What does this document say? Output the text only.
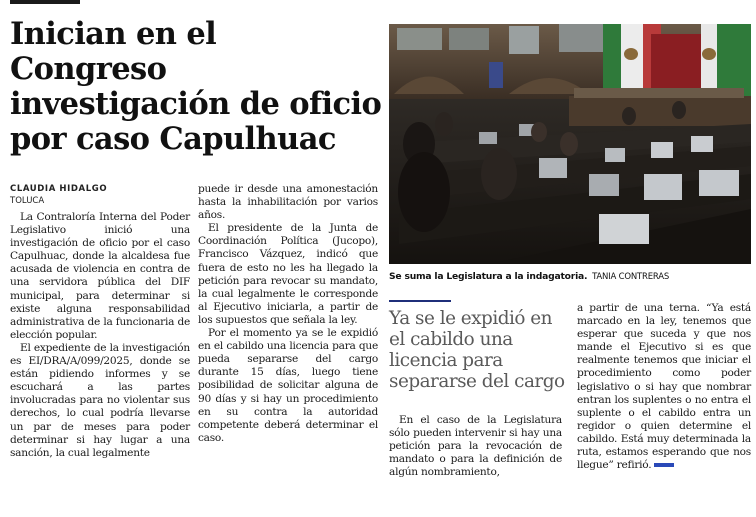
Inician en el Congreso investigación de oficio por caso Capulhuac
CLAUDIA HIDALGO
TOLUCA

La Contraloría Interna del Poder Legislativo inició una investigación de oficio por el caso Capulhuac, donde la alcaldesa fue acusada de violencia en contra de una servidora pública del DIF municipal, para determinar si existe alguna responsabilidad administrativa de la funcionaria de elección popular.

El expediente de la investigación es EI/DRA/A/099/2025, donde se están pidiendo informes y se escuchará a las partes involucradas para no violentar sus derechos, lo cual podría llevarse un par de meses para poder determinar si hay lugar a una sanción, la cual legalmente

puede ir desde una amonestación hasta la inhabilitación por varios años.

El presidente de la Junta de Coordinación Política (Jucopo), Francisco Vázquez, indicó que fuera de esto no les ha llegado la petición para revocar su mandato, la cual legalmente le corresponde al Ejecutivo iniciarla, a partir de los supuestos que señala la ley.

Por el momento ya se le expidió en el cabildo una licencia para que pueda separarse del cargo durante 15 días, luego tiene posibilidad de solicitar alguna de 90 días y si hay un procedimiento en su contra la autoridad competente deberá determinar el caso.

Se suma la Legislatura a la indagatoria. TANIA CONTRERAS
Ya se le expidió en el cabildo una licencia para separarse del cargo

En el caso de la Legislatura sólo pueden intervenir si hay una petición para la revocación de mandato o para la definición de algún nombramiento,

a partir de una terna. “Ya está marcado en la ley, tenemos que esperar que suceda y que nos mande el Ejecutivo si es que realmente tenemos que iniciar el procedimiento como poder legislativo o si hay que nombrar entran los suplentes o no entra el suplente o el cabildo entra un regidor o quien determine el cabildo. Está muy determinada la ruta, estamos esperando que nos llegue” refirió.
